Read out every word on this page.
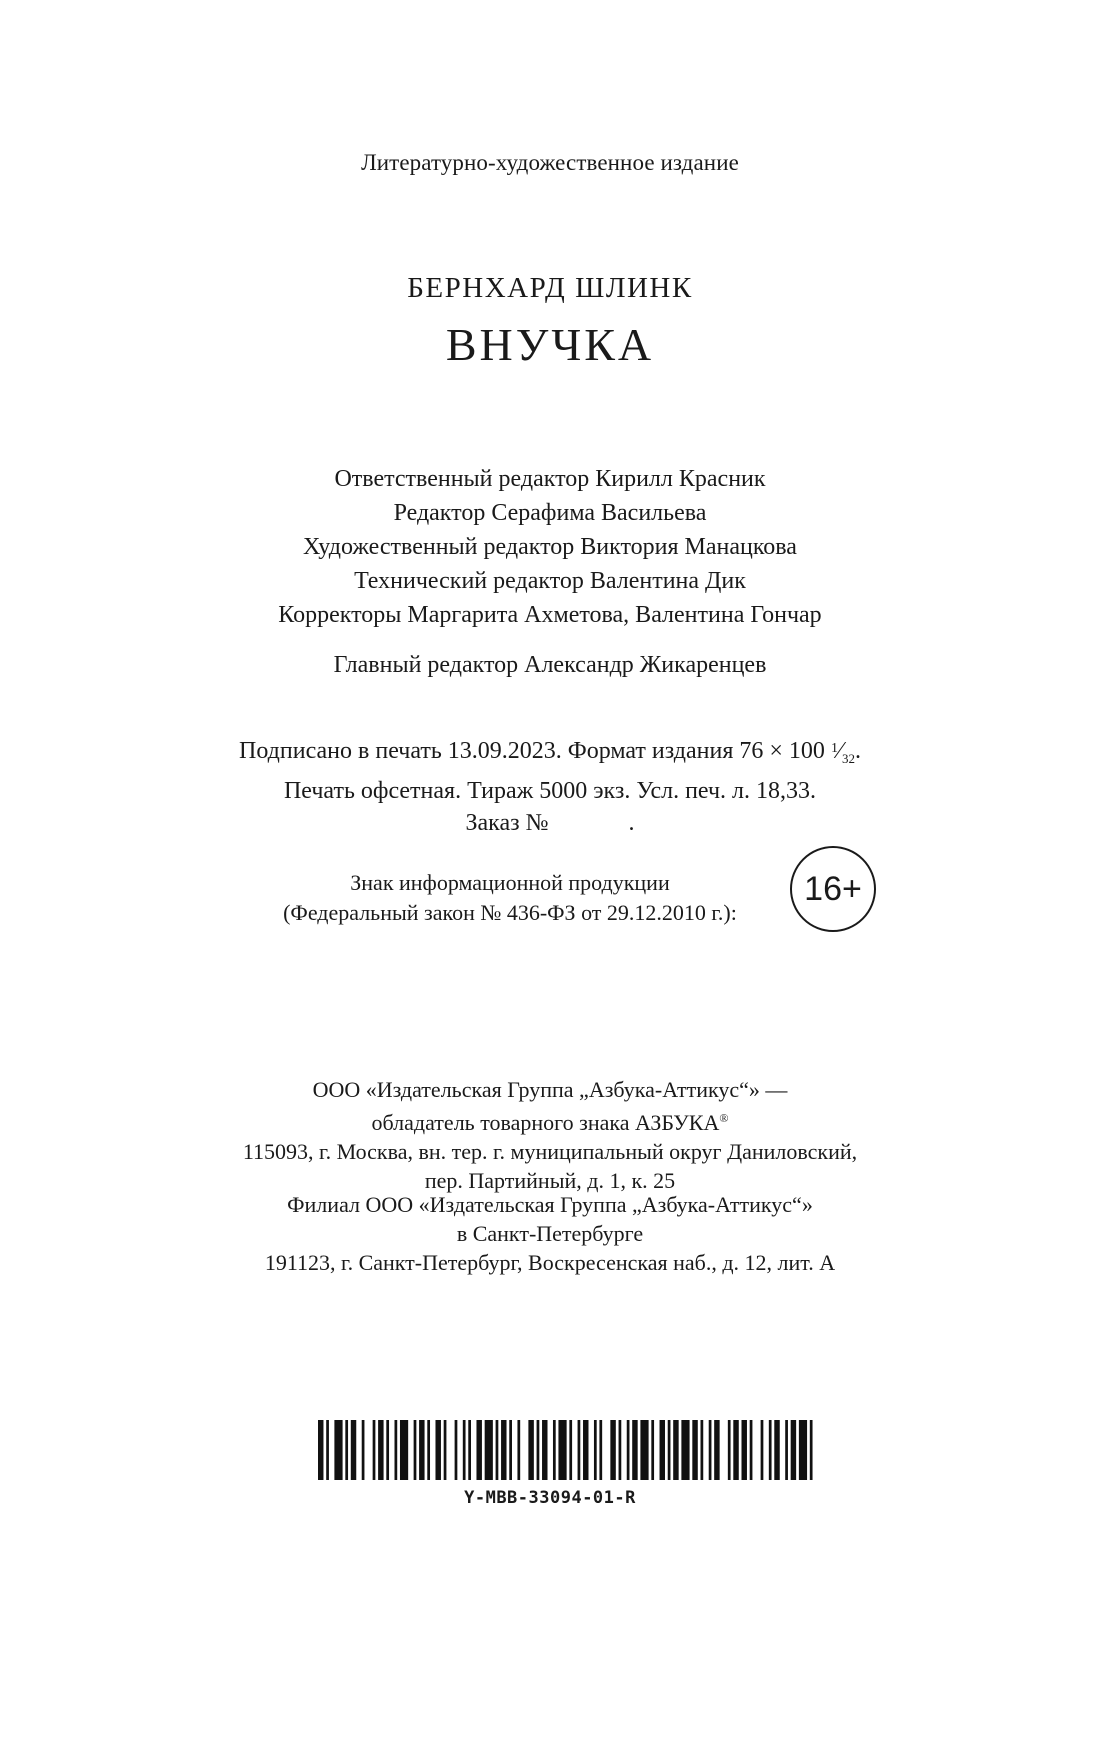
Литературно-художественное издание
БЕРНХАРД ШЛИНК
ВНУЧКА
Ответственный редактор Кирилл Красник
Редактор Серафима Васильева
Художественный редактор Виктория Манацкова
Технический редактор Валентина Дик
Корректоры Маргарита Ахметова, Валентина Гончар
Главный редактор Александр Жикаренцев
Подписано в печать 13.09.2023. Формат издания 76 × 100 1⁄32.
Печать офсетная. Тираж 5000 экз. Усл. печ. л. 18,33.
Заказ №	.
Знак информационной продукции
(Федеральный закон № 436-ФЗ от 29.12.2010 г.):
16+
ООО «Издательская Группа „Азбука-Аттикус“» —
обладатель товарного знака АЗБУКА®
115093, г. Москва, вн. тер. г. муниципальный округ Даниловский,
пер. Партийный, д. 1, к. 25
Филиал ООО «Издательская Группа „Азбука-Аттикус“»
в Санкт-Петербурге
191123, г. Санкт-Петербург, Воскресенская наб., д. 12, лит. А
Y-MBB-33094-01-R
